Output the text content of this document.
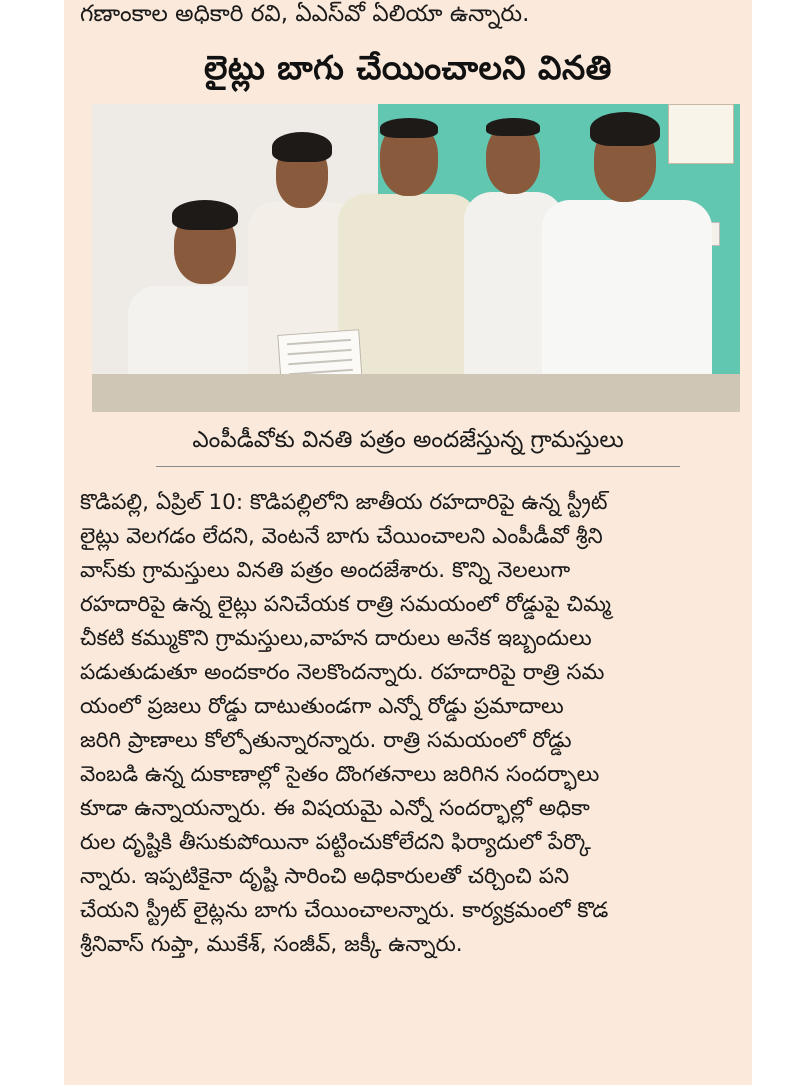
గణాంకాల అధికారి రవి, ఏఎస్‌వో ఏలియా ఉన్నారు.
లైట్లు బాగు చేయించాలని వినతి
ఎంపీడీవోకు వినతి పత్రం అందజేస్తున్న గ్రామస్తులు
కొడిపల్లి, ఏప్రిల్ 10: కొడిపల్లిలోని జాతీయ రహదారిపై ఉన్న స్ట్రీట్
లైట్లు వెలగడం లేదని, వెంటనే బాగు చేయించాలని ఎంపీడీవో శ్రీని
వాస్‌కు గ్రామస్తులు వినతి పత్రం అందజేశారు. కొన్ని నెలలుగా
రహదారిపై ఉన్న లైట్లు పనిచేయక రాత్రి సమయంలో రోడ్డుపై చిమ్మ
చీకటి కమ్ముకొని గ్రామస్తులు,వాహన దారులు అనేక ఇబ్బందులు
పడుతుడుతూ అందకారం నెలకొందన్నారు. రహదారిపై రాత్రి సమ
యంలో ప్రజలు రోడ్డు దాటుతుండగా ఎన్నో రోడ్డు ప్రమాదాలు
జరిగి ప్రాణాలు కోల్పోతున్నారన్నారు. రాత్రి సమయంలో రోడ్డు
వెంబడి ఉన్న దుకాణాల్లో సైతం దొంగతనాలు జరిగిన సందర్భాలు
కూడా ఉన్నాయన్నారు. ఈ విషయమై ఎన్నో సందర్భాల్లో అధికా
రుల దృష్టికి తీసుకుపోయినా పట్టించుకోలేదని ఫిర్యాదులో పేర్కొ
న్నారు. ఇప్పటికైనా దృష్టి సారించి అధికారులతో చర్చించి పని
చేయని స్ట్రీట్ లైట్లను బాగు చేయించాలన్నారు. కార్యక్రమంలో కొడ
శ్రీనివాస్ గుప్తా, ముకేశ్, సంజీవ్, జక్కీ ఉన్నారు.
